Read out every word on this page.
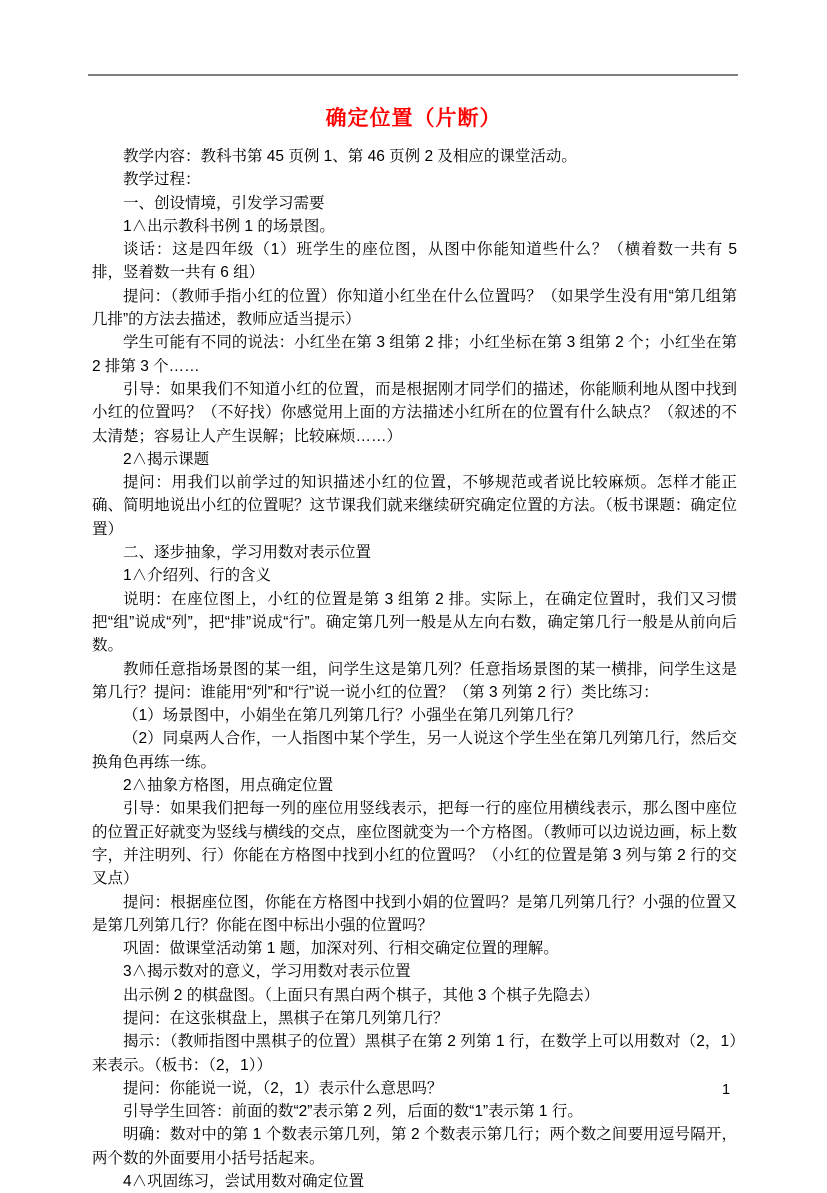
确定位置（片断）

教学内容：教科书第 45 页例 1、第 46 页例 2 及相应的课堂活动。

教学过程：

一、创设情境，引发学习需要

1∧出示教科书例 1 的场景图。

谈话：这是四年级（1）班学生的座位图，从图中你能知道些什么？（横着数一共有 5 排，竖着数一共有 6 组）

提问：（教师手指小红的位置）你知道小红坐在什么位置吗？（如果学生没有用“第几组第几排”的方法去描述，教师应适当提示）

学生可能有不同的说法：小红坐在第 3 组第 2 排；小红坐标在第 3 组第 2 个；小红坐在第 2 排第 3 个……

引导：如果我们不知道小红的位置，而是根据刚才同学们的描述，你能顺利地从图中找到小红的位置吗？（不好找）你感觉用上面的方法描述小红所在的位置有什么缺点？（叙述的不太清楚；容易让人产生误解；比较麻烦……）

2∧揭示课题

提问：用我们以前学过的知识描述小红的位置，不够规范或者说比较麻烦。怎样才能正确、简明地说出小红的位置呢？这节课我们就来继续研究确定位置的方法。（板书课题：确定位置）

二、逐步抽象，学习用数对表示位置

1∧介绍列、行的含义

说明：在座位图上，小红的位置是第 3 组第 2 排。实际上，在确定位置时，我们又习惯把“组”说成“列”，把“排”说成“行”。确定第几列一般是从左向右数，确定第几行一般是从前向后数。

教师任意指场景图的某一组，问学生这是第几列？任意指场景图的某一横排，问学生这是第几行？提问：谁能用“列”和“行”说一说小红的位置？（第 3 列第 2 行）类比练习：

（1）场景图中，小娟坐在第几列第几行？小强坐在第几列第几行？

（2）同桌两人合作，一人指图中某个学生，另一人说这个学生坐在第几列第几行，然后交换角色再练一练。

2∧抽象方格图，用点确定位置

引导：如果我们把每一列的座位用竖线表示，把每一行的座位用横线表示，那么图中座位的位置正好就变为竖线与横线的交点，座位图就变为一个方格图。（教师可以边说边画，标上数字，并注明列、行）你能在方格图中找到小红的位置吗？（小红的位置是第 3 列与第 2 行的交叉点）

提问：根据座位图，你能在方格图中找到小娟的位置吗？是第几列第几行？小强的位置又是第几列第几行？你能在图中标出小强的位置吗？

巩固：做课堂活动第 1 题，加深对列、行相交确定位置的理解。

3∧揭示数对的意义，学习用数对表示位置

出示例 2 的棋盘图。（上面只有黑白两个棋子，其他 3 个棋子先隐去）

提问：在这张棋盘上，黑棋子在第几列第几行？

揭示：（教师指图中黑棋子的位置）黑棋子在第 2 列第 1 行，在数学上可以用数对（2，1）来表示。（板书：（2，1））

提问：你能说一说，（2，1）表示什么意思吗？

引导学生回答：前面的数“2”表示第 2 列，后面的数“1”表示第 1 行。

明确：数对中的第 1 个数表示第几列，第 2 个数表示第几行；两个数之间要用逗号隔开，两个数的外面要用小括号括起来。

4∧巩固练习，尝试用数对确定位置

1
